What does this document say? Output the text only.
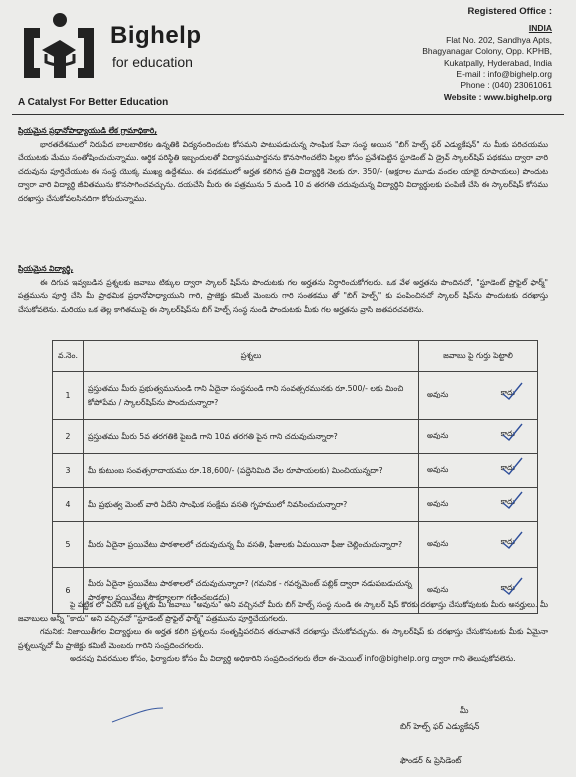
Bighelp
for education
A Catalyst For Better Education
Registered Office :
INDIA
Flat No. 202, Sandhya Apts,
Bhagyanagar Colony, Opp. KPHB,
Kukatpally, Hyderabad, India
E-mail : info@bighelp.org
Phone : (040) 23061061
Website : www.bighelp.org
ప్రియమైన ప్రధానోపాధ్యాయుడి లేక గ్రామాధికారి,
భారతదేశములో నిరుపేద బాలబాలికల ఉన్నతికి విద్యనందించుట కోసమని పాటుపడుచున్న సాంఘిక సేవా సంస్థ అయిన "బిగ్ హెల్ప్ ఫర్ ఎడ్యుకేషన్" ను మీకు పరిచయము చేయుటకు మేము సంతోషించుచున్నాము. ఆర్థిక పరిస్థితి ఇబ్బందులతో విద్యాసముపార్జనను కొనసాగించలేని పిల్లల కోసం ప్రవేశపెట్టిన స్టూడెంట్ ఏ డ్రైవ్ స్కాలర్‌షిప్ పథకము ద్వారా వారి చదువును పూర్తిచేయుట ఈ సంస్థ యొక్క ముఖ్య ఉద్దేశము. ఈ పథకములో అర్హత కలిగిన ప్రతి విద్యార్థికి నెలకు రూ. 350/- (అక్షరాల మూడు వందల యాభై రూపాయలు) పొందుట ద్వారా వారి విద్యార్థి జీవితమును కొనసాగించవచ్చును. దయచేసి మీరు ఈ పత్రమును 5 మండి 10 వ తరగతి చదువుచున్న విద్యార్థిని విద్యార్థులకు పంపిణీ చేసి ఈ స్కాలర్‌షిప్ కోసము దరఖాస్తు చేసుకోవలసినదిగా కోరుచున్నాము.
ప్రియమైన విద్యార్థి,
ఈ దిగువ ఇవ్వబడిన ప్రశ్నలకు జవాబు టిక్కుల ద్వారా స్కాలర్ షిప్‌ను పొందుటకు గల అర్హతను నిర్ధారించుకోగలరు. ఒక వేళ అర్హతను పొందినచో, "స్టూడెంట్ ప్రొఫైల్ ఫార్మ్" పత్రమును పూర్తి చేసి మీ ప్రాథమిక ప్రధానోపాధ్యాయుని గారి, ప్రాజెక్టు కమిటీ మెంబరు గారి సంతకము తో "బిగ్ హెల్ప్" కు పంపించినచో స్కాలర్ షిప్‌ను పొందుటకు దరఖాస్తు చేసుకోవలెను. మరియు ఒక తెల్ల కాగితముపై ఈ స్కాలర్‌షిప్‌ను బిగ్ హెల్ప్ సంస్థ నుండి పొందుటకు మీకు గల అర్హతను వ్రాసి జతపరచవలెను.
వ.నెం.	ప్రశ్నలు	జవాబు పై గుర్తు పెట్టాలి
1	ప్రస్తుతము మీరు ప్రభుత్వమునుండి గాని ఏదైనా సంస్థనుండి గాని సంవత్సరమునకు రూ.500/- లకు మించి కోపోపేమ / స్కాలర్‌షిప్‌ను పొందుచున్నారా?	అవును కాదు

2	ప్రస్తుతము మీరు 5వ తరగతికి పైబడి గాని 10వ తరగతి పైన గాని చదువుచున్నారా?	అవును కాదు

3	మీ కుటుంబ సంవత్సరాదాయము రూ.18,600/- (పద్దెనిమిది వేల రూపాయలకు) మించియున్నదా?	అవును కాదు

4	మీ ప్రభుత్వ మెంట్ వారి ఏదేని సాంఘిక సంక్షేమ వసతి గృహములో నివసించుచున్నారా?	అవును కాదు

5	మీరు ఏదైనా ప్రయివేటు పాఠశాలలో చదువుచున్న మీ వసతి, ఫీజులకు ఏమయినా ఫీజు చెల్లించుచున్నారా?	అవును కాదు

6	మీరు ఏదైనా ప్రయివేటు పాఠశాలలో చదువుచున్నారా? (గమనిక - గవర్నమెంట్ పబ్లిక్ ద్వారా నడుపబడుచున్న పాఠశాల ప్రయివేటు సౌకర్యాలగా గణించబడదు)	అవును కాదు
పై పట్టిక లో ఏదేని ఒక ప్రశ్నకు మీ జవాబు "అవును" అని వచ్చినచో మీరు బిగ్ హెల్ప్ సంస్థ నుండి ఈ స్కాలర్ షిప్ కొరకు దరఖాస్తు చేసుకోవుటకు మీరు అనర్హులు. మీ జవాబులు అన్నీ "కాదు" అని వచ్చినచో "స్టూడెంట్ ప్రొఫైల్ ఫార్మ్" పత్రమును పూర్తిచేయగలరు.
గమనిక: నిజాయితీగల విద్యార్థులు ఈ అర్హత కలిగి ప్రశ్నలను సంతృప్తిపరచిన తరువాతనే దరఖాస్తు చేసుకోవచ్చును. ఈ స్కాలర్‌షిప్ కు దరఖాస్తు చేసుకొనుటకు మీకు ఏమైనా ప్రశ్నలున్నచో మీ ప్రాజెక్టు కమిటీ మెంబరు గారిని సంప్రదించగలరు.
అదనపు వివరముల కోసం, ఫిర్యాదుల కోసం మీ విద్యార్థి అధికారిని సంప్రదించగలరు లేదా ఈ-మెయిల్ info@bighelp.org ద్వారా గాని తెలుపుకోవలెను.
మీ
బిగ్ హెల్ప్ ఫర్ ఎడ్యుకేషన్
ఫౌండర్ & ప్రెసిడెంట్
